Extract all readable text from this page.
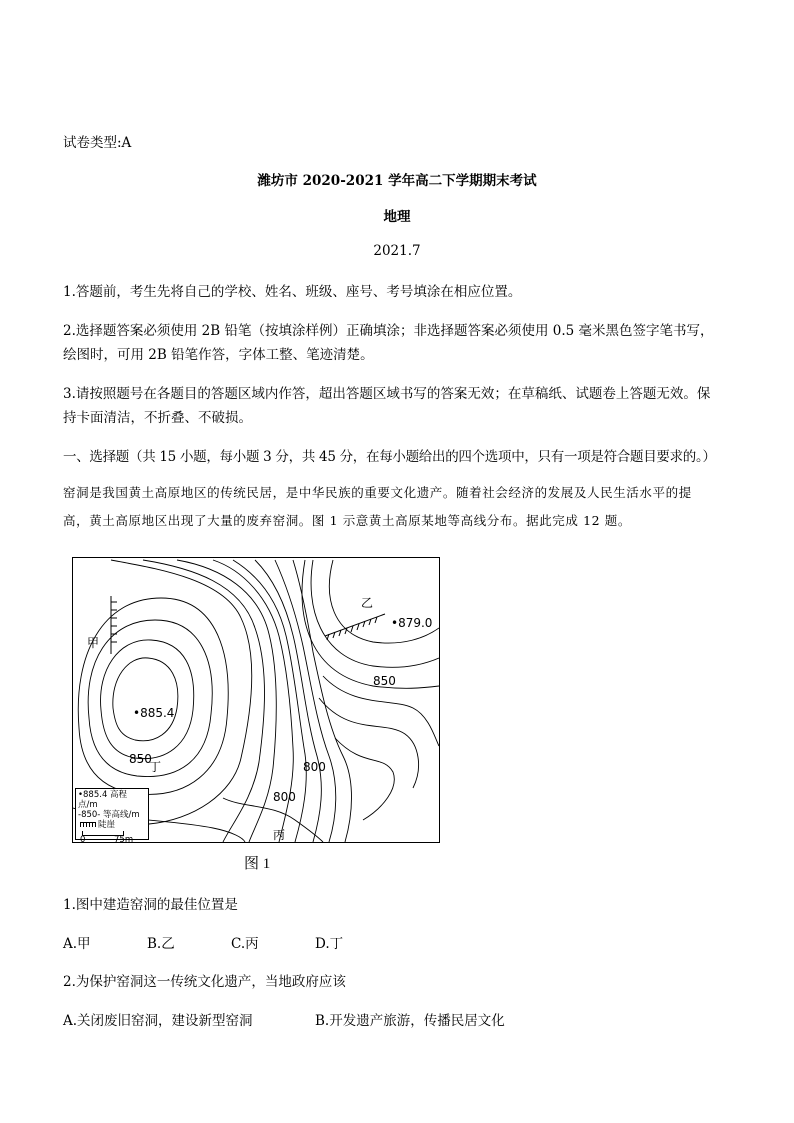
试卷类型:A
潍坊市 2020-2021 学年高二下学期期末考试
地理
2021.7
1.答题前，考生先将自己的学校、姓名、班级、座号、考号填涂在相应位置。
2.选择题答案必须使用 2B 铅笔（按填涂样例）正确填涂；非选择题答案必须使用 0.5 毫米黑色签字笔书写，
绘图时，可用 2B 铅笔作答，字体工整、笔迹清楚。
3.请按照题号在各题目的答题区域内作答，超出答题区域书写的答案无效；在草稿纸、试题卷上答题无效。保
持卡面清洁，不折叠、不破损。
一、选择题（共 15 小题，每小题 3 分，共 45 分，在每小题给出的四个选项中，只有一项是符合题目要求的。）
窑洞是我国黄土高原地区的传统民居，是中华民族的重要文化遗产。随着社会经济的发展及人民生活水平的提
高，黄土高原地区出现了大量的废弃窑洞。图 1 示意黄土高原某地等高线分布。据此完成 12 题。
甲
乙
丙
丁
•879.0
•885.4
850
850
800
800
•885.4 高程点/m
-850- 等高线/m
陡崖
0	75m
图 1
1.图中建造窑洞的最佳位置是
A.甲	B.乙	C.丙	D.丁
2.为保护窑洞这一传统文化遗产，当地政府应该
A.关闭废旧窑洞，建设新型窑洞	B.开发遗产旅游，传播民居文化
